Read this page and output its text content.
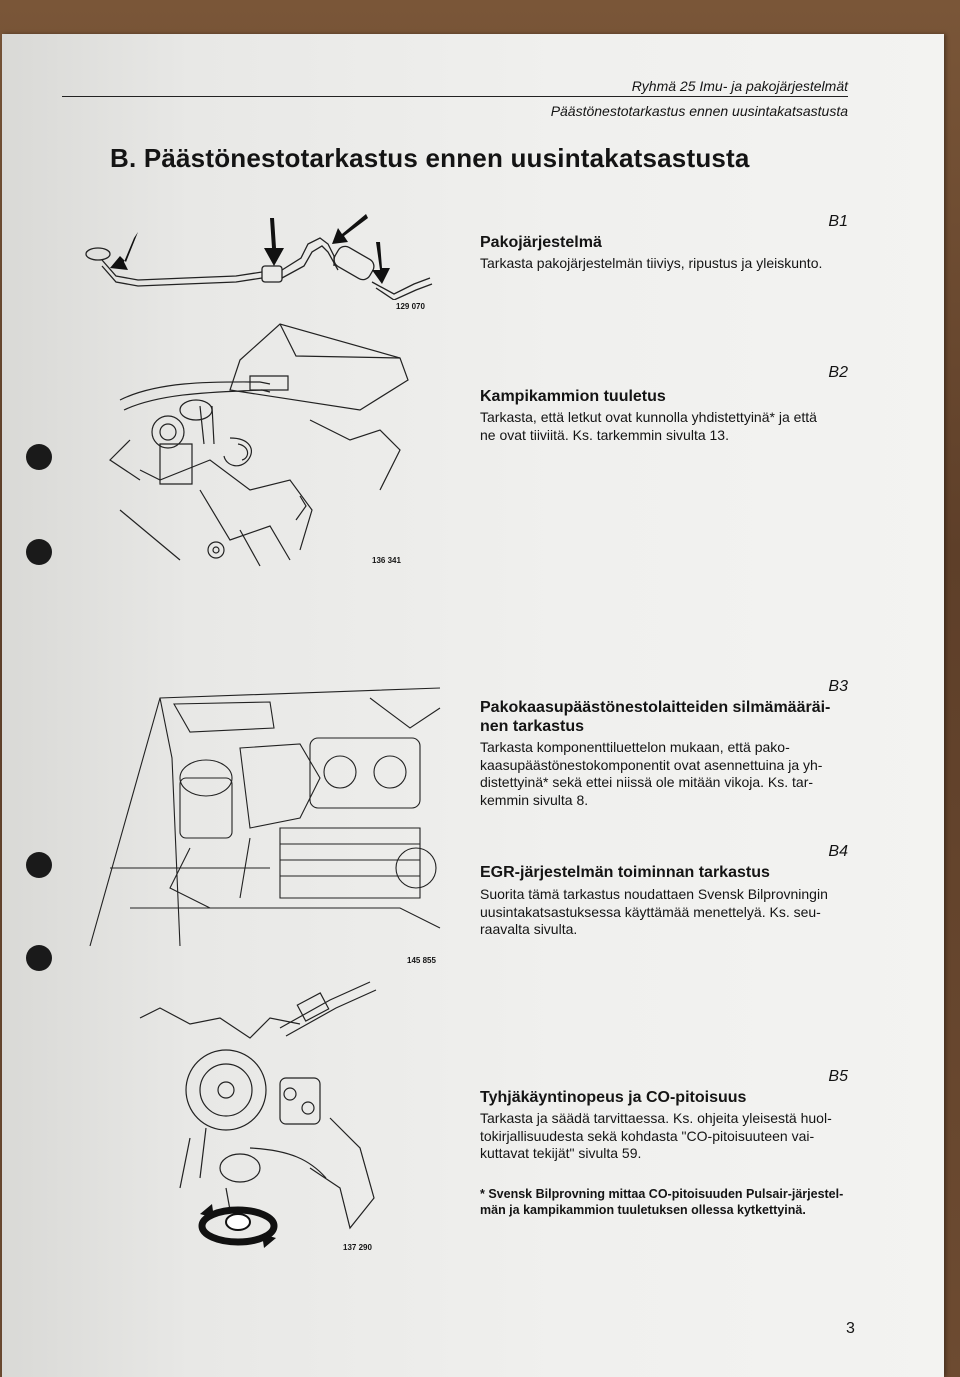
Ryhmä 25 Imu- ja pakojärjestelmät
Päästönestotarkastus ennen uusintakatsastusta
B. Päästönestotarkastus ennen uusintakatsastusta
129 070
B1
Pakojärjestelmä
Tarkasta pakojärjestelmän tiiviys, ripustus ja yleiskunto.
136 341
B2
Kampikammion tuuletus
Tarkasta, että letkut ovat kunnolla yhdistettyinä* ja että
ne ovat tiiviitä. Ks. tarkemmin sivulta 13.
145 855
B3
Pakokaasupäästönestolaitteiden silmämääräi-
nen tarkastus
Tarkasta komponenttiluettelon mukaan, että pako-
kaasupäästönestokomponentit ovat asennettuina ja yh-
distettyinä* sekä ettei niissä ole mitään vikoja. Ks. tar-
kemmin sivulta 8.
B4
EGR-järjestelmän toiminnan tarkastus
Suorita tämä tarkastus noudattaen Svensk Bilprovningin
uusintakatsastuksessa käyttämää menettelyä. Ks. seu-
raavalta sivulta.
137 290
B5
Tyhjäkäyntinopeus ja CO-pitoisuus
Tarkasta ja säädä tarvittaessa. Ks. ohjeita yleisestä huol-
tokirjallisuudesta sekä kohdasta "CO-pitoisuuteen vai-
kuttavat tekijät" sivulta 59.
* Svensk Bilprovning mittaa CO-pitoisuuden Pulsair-järjestel-
män ja kampikammion tuuletuksen ollessa kytkettyinä.
3
